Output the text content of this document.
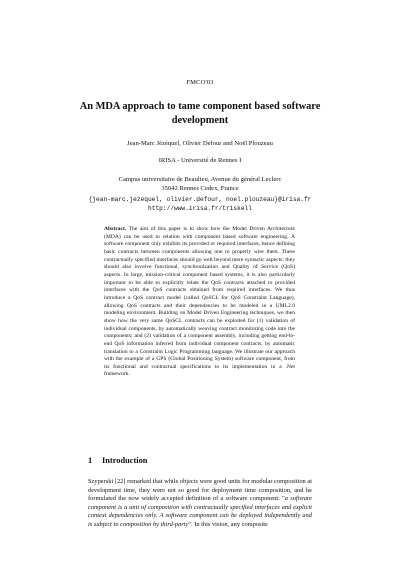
FMCO'03
An MDA approach to tame component based software development
Jean-Marc Jézéquel, Olivier Defour and Noël Plouzeau
IRISA - Université de Rennes I
Campus universitaire de Beaulieu, Avenue du général Leclerc
35042 Rennes Cedex, France
{jean-marc.jezequel, olivier.defour, noel.plouzeau}@irisa.fr
http://www.irisa.fr/triskell
Abstract. The aim of this paper is to show how the Model Driven Architecture (MDA) can be used in relation with component based software engineering. A software component only exhibits its provided or required interfaces, hence defining basic contracts between components allowing one to properly wire them. These contractually specified interfaces should go well beyond mere syntactic aspects: they should also involve functional, synchronization and Quality of Service (QoS) aspects. In large, mission-critical component based systems, it is also particularly important to be able to explicitly relate the QoS contracts attached to provided interfaces with the QoS contracts obtained from required interfaces. We thus introduce a QoS contract model (called QoSCL for QoS Constraint Language), allowing QoS contracts and their dependencies to be modeled in a UML2.0 modeling environment. Building on Model Driven Engineering techniques, we then show how the very same QoSCL contracts can be exploited for (1) validation of individual components, by automatically weaving contract monitoring code into the components; and (2) validation of a component assembly, including getting end-to-end QoS information inferred from individual component contracts, by automatic translation to a Constraint Logic Programming language. We illustrate our approach with the example of a GPS (Global Positioning System) software component, from its functional and contractual specifications to its implementation in a .Net framework.
1 Introduction
Szyperski [22] remarked that while objects were good units for modular composition at development time, they were not so good for deployment time composition, and he formulated the now widely accepted definition of a software component: "a software component is a unit of composition with contractually specified interfaces and explicit context dependencies only. A software component can be deployed independently and is subject to composition by third-party". In this vision, any composite
